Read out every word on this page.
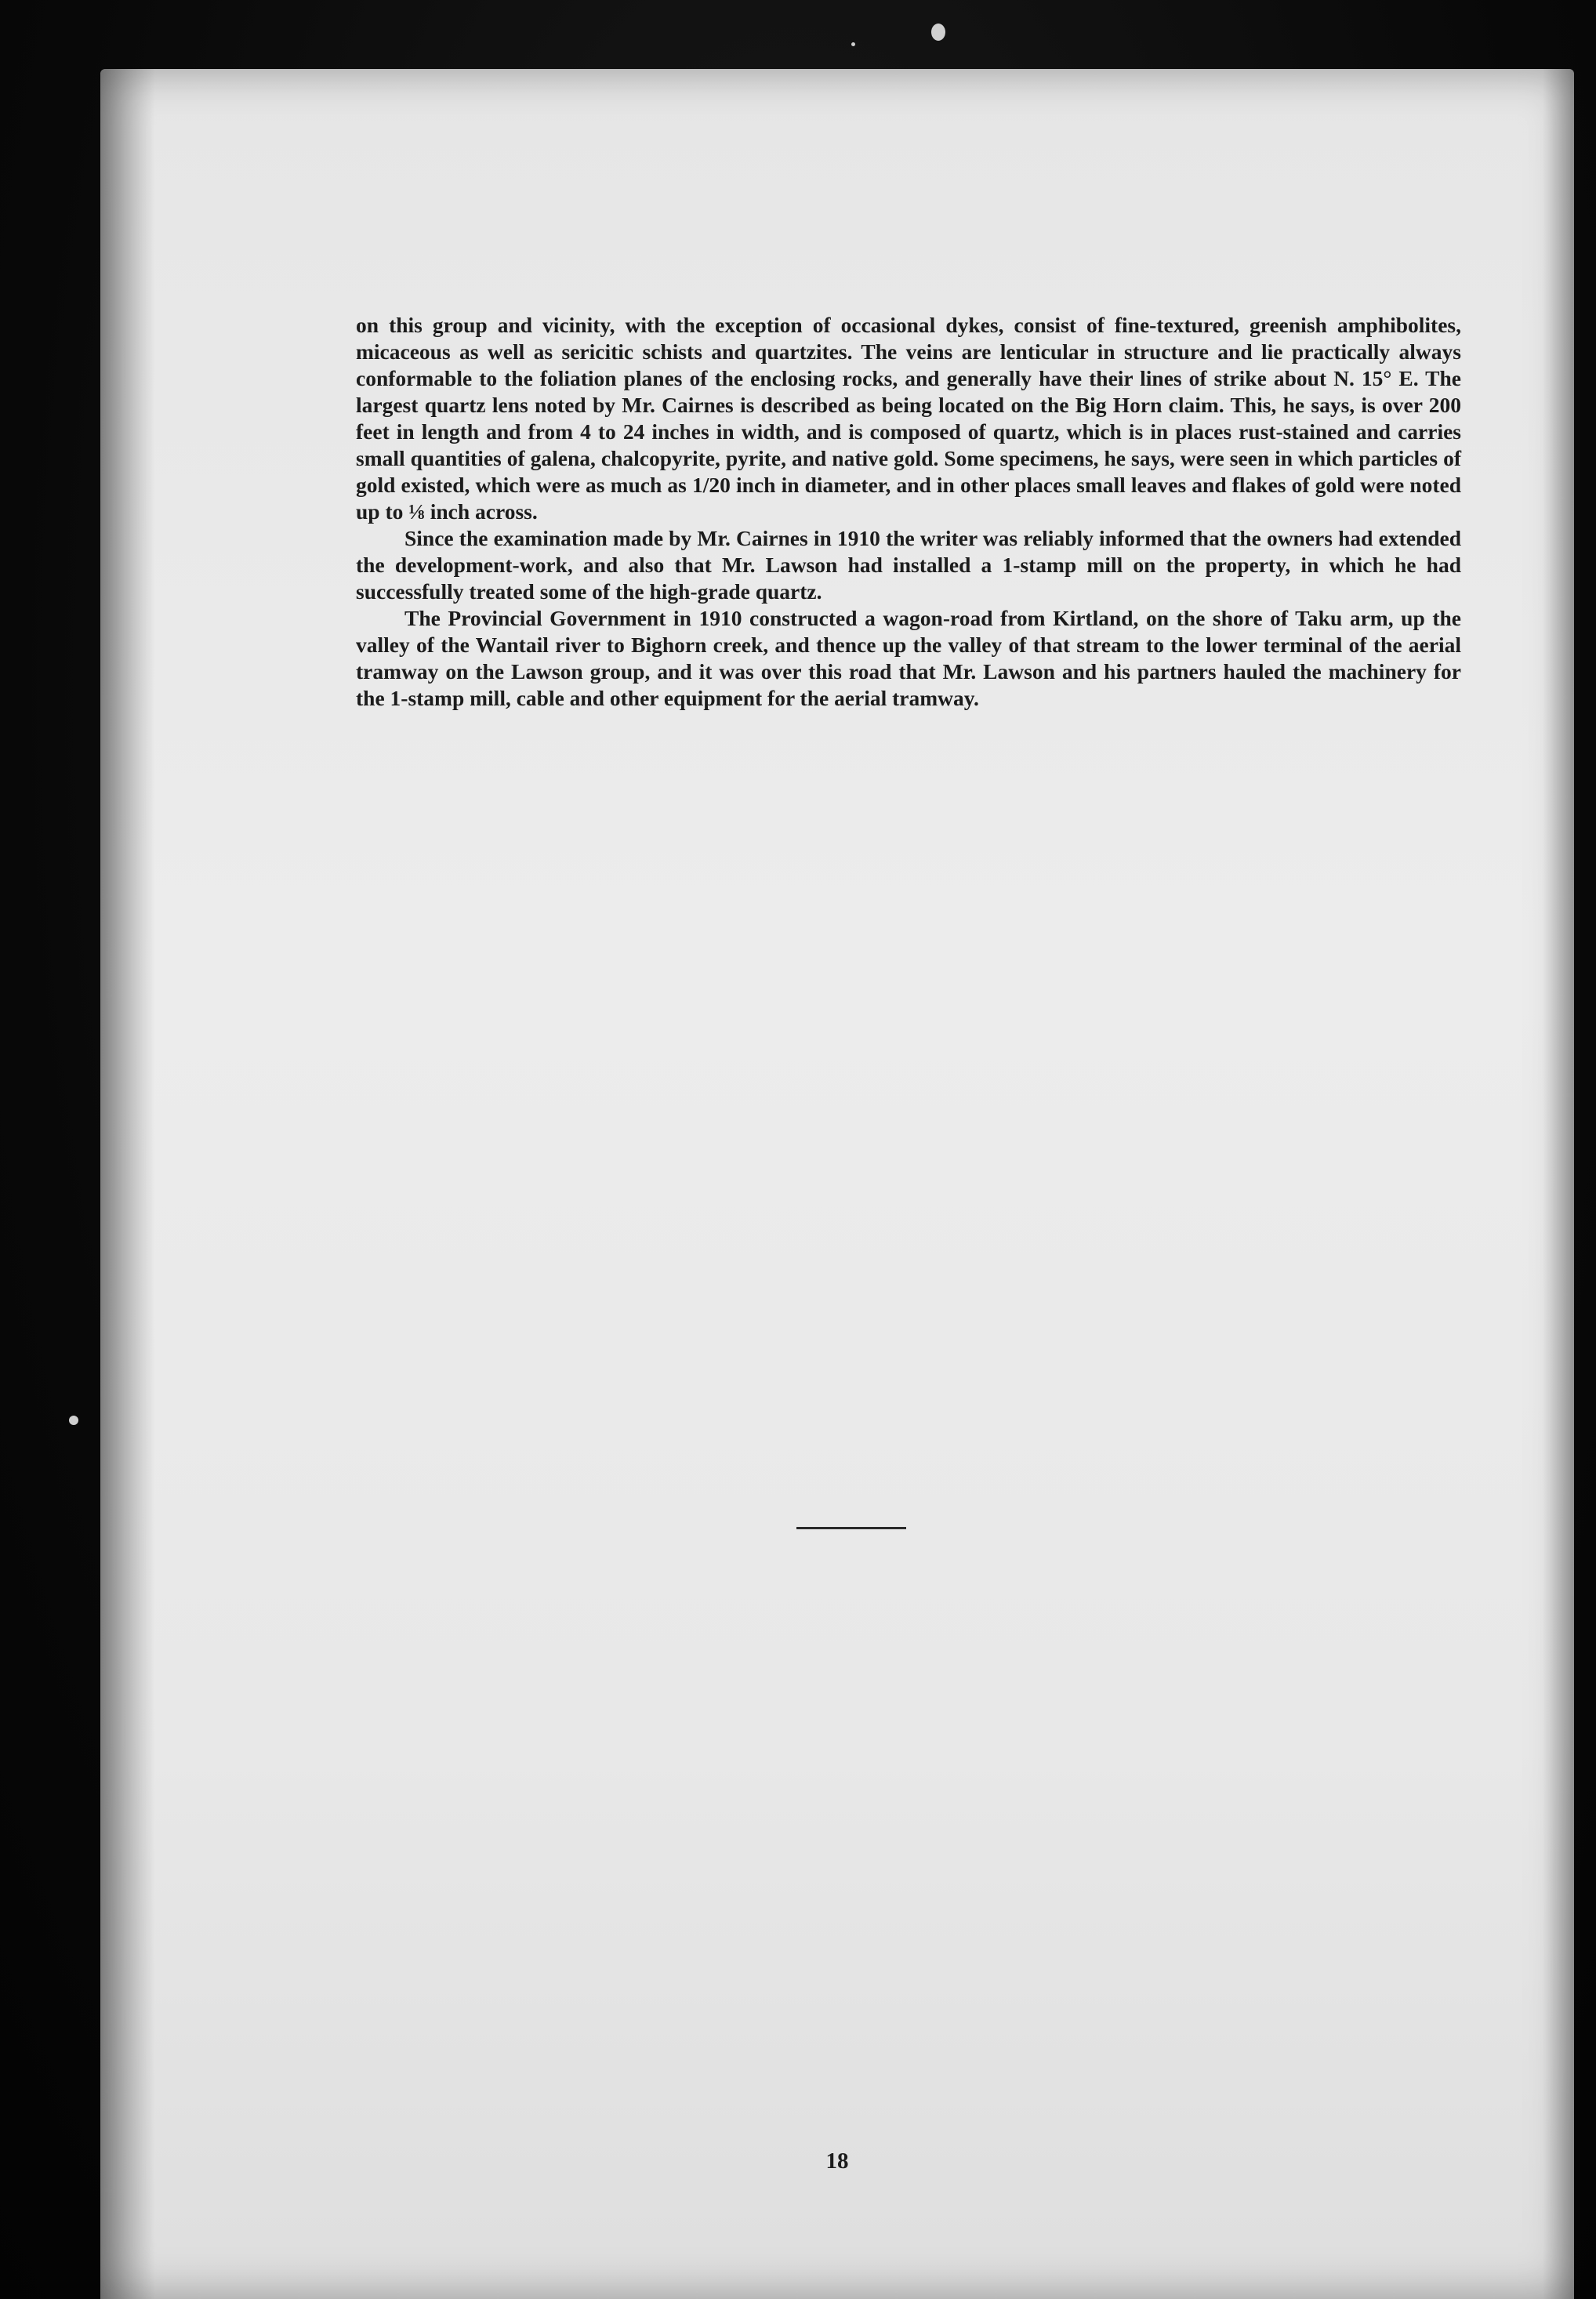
on this group and vicinity, with the exception of occasional dykes, consist of fine-textured, greenish amphibolites, micaceous as well as sericitic schists and quartzites. The veins are lenticular in structure and lie practically always conformable to the foliation planes of the enclosing rocks, and generally have their lines of strike about N. 15° E. The largest quartz lens noted by Mr. Cairnes is described as being located on the Big Horn claim. This, he says, is over 200 feet in length and from 4 to 24 inches in width, and is composed of quartz, which is in places rust-stained and carries small quantities of galena, chalcopyrite, pyrite, and native gold. Some specimens, he says, were seen in which particles of gold existed, which were as much as 1/20 inch in diameter, and in other places small leaves and flakes of gold were noted up to ⅛ inch across.

Since the examination made by Mr. Cairnes in 1910 the writer was reliably informed that the owners had extended the development-work, and also that Mr. Lawson had installed a 1-stamp mill on the property, in which he had successfully treated some of the high-grade quartz.

The Provincial Government in 1910 constructed a wagon-road from Kirtland, on the shore of Taku arm, up the valley of the Wantail river to Bighorn creek, and thence up the valley of that stream to the lower terminal of the aerial tramway on the Lawson group, and it was over this road that Mr. Lawson and his partners hauled the machinery for the 1-stamp mill, cable and other equipment for the aerial tramway.

18
